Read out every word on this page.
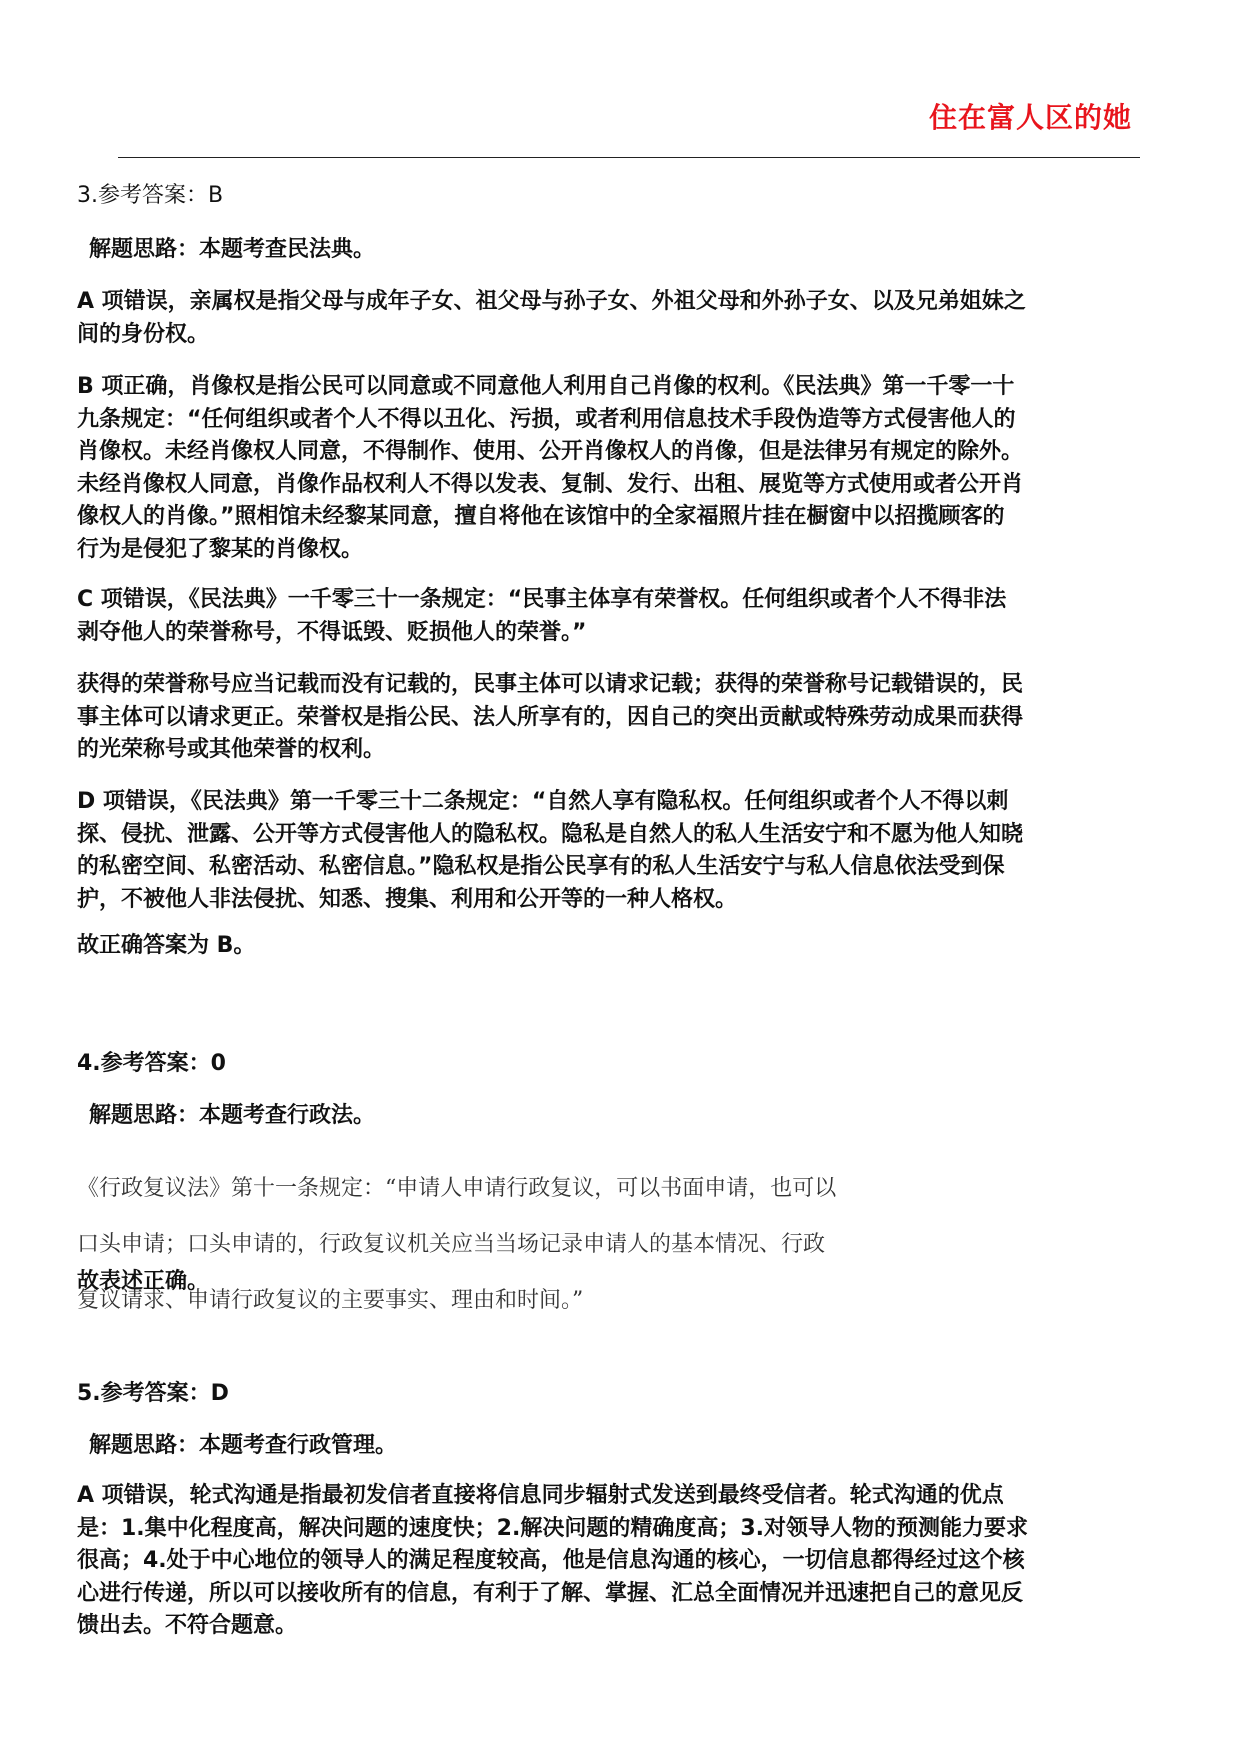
住在富人区的她

3.参考答案：B

解题思路：本题考查民法典。

A 项错误，亲属权是指父母与成年子女、祖父母与孙子女、外祖父母和外孙子女、以及兄弟姐妹之

间的身份权。

B 项正确，肖像权是指公民可以同意或不同意他人利用自己肖像的权利。《民法典》第一千零一十

九条规定：“任何组织或者个人不得以丑化、污损，或者利用信息技术手段伪造等方式侵害他人的

肖像权。未经肖像权人同意，不得制作、使用、公开肖像权人的肖像，但是法律另有规定的除外。

未经肖像权人同意，肖像作品权利人不得以发表、复制、发行、出租、展览等方式使用或者公开肖

像权人的肖像。”照相馆未经黎某同意，擅自将他在该馆中的全家福照片挂在橱窗中以招揽顾客的

行为是侵犯了黎某的肖像权。

C 项错误，《民法典》一千零三十一条规定：“民事主体享有荣誉权。任何组织或者个人不得非法

剥夺他人的荣誉称号，不得诋毁、贬损他人的荣誉。”

获得的荣誉称号应当记载而没有记载的，民事主体可以请求记载；获得的荣誉称号记载错误的，民

事主体可以请求更正。荣誉权是指公民、法人所享有的，因自己的突出贡献或特殊劳动成果而获得

的光荣称号或其他荣誉的权利。

D 项错误，《民法典》第一千零三十二条规定：“自然人享有隐私权。任何组织或者个人不得以刺

探、侵扰、泄露、公开等方式侵害他人的隐私权。隐私是自然人的私人生活安宁和不愿为他人知晓

的私密空间、私密活动、私密信息。”隐私权是指公民享有的私人生活安宁与私人信息依法受到保

护，不被他人非法侵扰、知悉、搜集、利用和公开等的一种人格权。

故正确答案为 B。

4.参考答案：0

解题思路：本题考查行政法。

《行政复议法》第十一条规定：“申请人申请行政复议，可以书面申请，也可以

口头申请；口头申请的，行政复议机关应当当场记录申请人的基本情况、行政

复议请求、申请行政复议的主要事实、理由和时间。”

故表述正确。

5.参考答案：D

解题思路：本题考查行政管理。

A 项错误，轮式沟通是指最初发信者直接将信息同步辐射式发送到最终受信者。轮式沟通的优点

是：1.集中化程度高，解决问题的速度快；2.解决问题的精确度高；3.对领导人物的预测能力要求

很高；4.处于中心地位的领导人的满足程度较高，他是信息沟通的核心，一切信息都得经过这个核

心进行传递，所以可以接收所有的信息，有利于了解、掌握、汇总全面情况并迅速把自己的意见反

馈出去。不符合题意。
